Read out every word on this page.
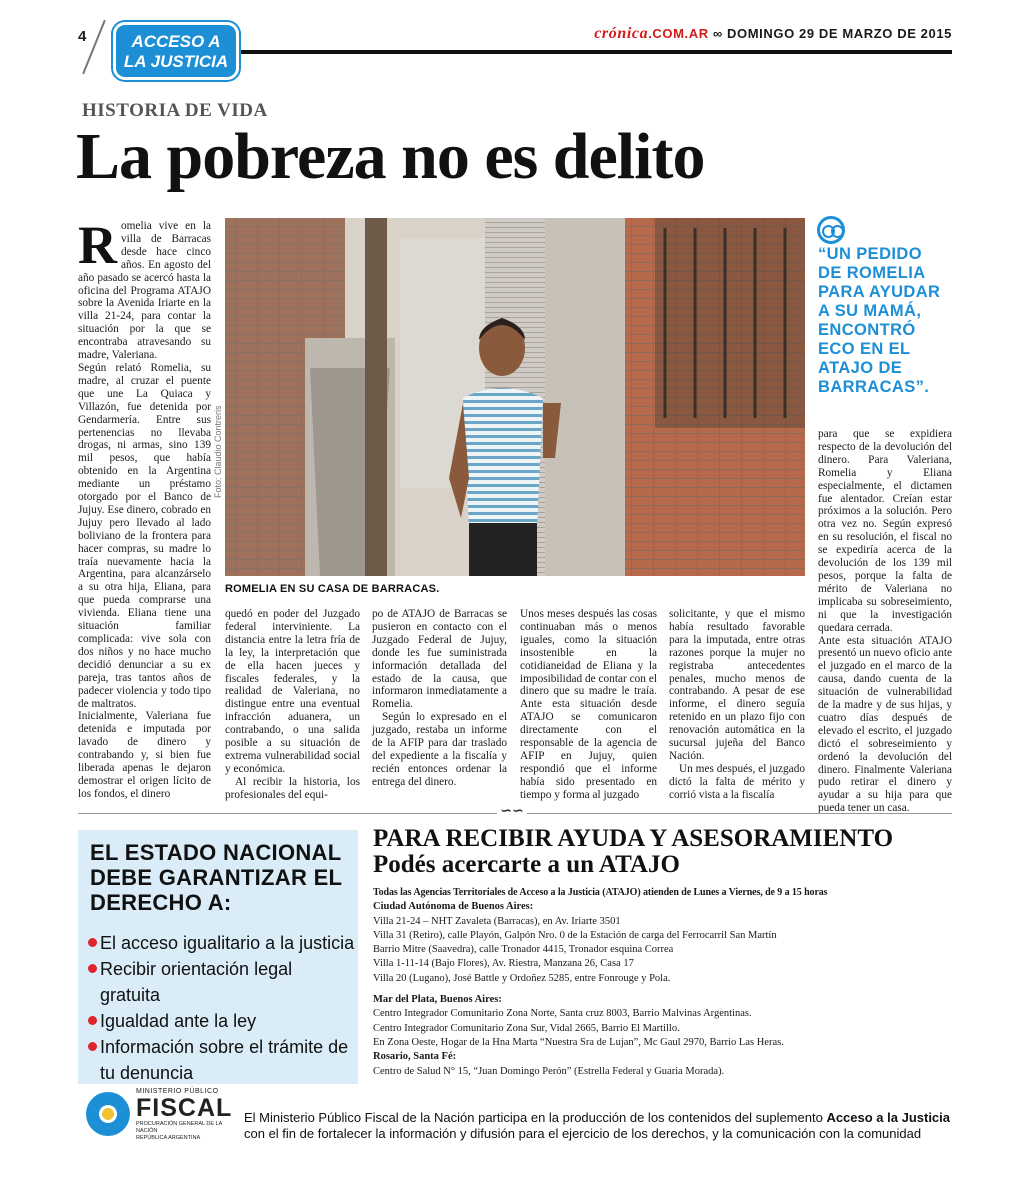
4	ACCESO A
LA JUSTICIA
crónica.COM.AR ∞ DOMINGO 29 DE MARZO DE 2015
HISTORIA DE VIDA
La pobreza no es delito
R omelia vive en la villa de Barracas desde hace cinco años. En agosto del año pasado se acercó hasta la oficina del Programa ATAJO sobre la Avenida Iriarte en la villa 21-24, para contar la situación por la que se encontraba atravesando su madre, Valeriana.

Según relató Romelia, su madre, al cruzar el puente que une La Quiaca y Villazón, fue detenida por Gendarmería. Entre sus pertenencias no llevaba drogas, ni armas, sino 139 mil pesos, que había obtenido en la Argentina mediante un préstamo otorgado por el Banco de Jujuy. Ese dinero, cobrado en Jujuy pero llevado al lado boliviano de la frontera para hacer compras, su madre lo traía nuevamente hacia la Argentina, para alcanzárselo a su otra hija, Eliana, para que pueda comprarse una vivienda. Eliana tiene una situación familiar complicada: vive sola con dos niños y no hace mucho decidió denunciar a su ex pareja, tras tantos años de padecer violencia y todo tipo de maltratos.

Inicialmente, Valeriana fue detenida e imputada por lavado de dinero y contrabando y, si bien fue liberada apenas le dejaron demostrar el origen lícito de los fondos, el dinero

Foto: Claudio Contreris
ROMELIA EN SU CASA DE BARRACAS.

quedó en poder del Juzgado federal interviniente. La distancia entre la letra fría de la ley, la interpretación que de ella hacen jueces y fiscales federales, y la realidad de Valeriana, no distingue entre una eventual infracción aduanera, un contrabando, o una salida posible a su situación de extrema vulnerabilidad social y económica.

Al recibir la historia, los profesionales del equi-

po de ATAJO de Barracas se pusieron en contacto con el Juzgado Federal de Jujuy, donde les fue suministrada información detallada del estado de la causa, que informaron inmediatamente a Romelia.

Según lo expresado en el juzgado, restaba un informe de la AFIP para dar traslado del expediente a la fiscalía y recién entonces ordenar la entrega del dinero.

Unos meses después las cosas continuaban más o menos iguales, como la situación insostenible en la cotidianeidad de Eliana y la imposibilidad de contar con el dinero que su madre le traía. Ante esta situación desde ATAJO se comunicaron directamente con el responsable de la agencia de AFIP en Jujuy, quien respondió que el informe había sido presentado en tiempo y forma al juzgado

solicitante, y que el mismo había resultado favorable para la imputada, entre otras razones porque la mujer no registraba antecedentes penales, mucho menos de contrabando. A pesar de ese informe, el dinero seguía retenido en un plazo fijo con renovación automática en la sucursal jujeña del Banco Nación.

Un mes después, el juzgado dictó la falta de mérito y corrió vista a la fiscalía

“UN PEDIDO DE ROMELIA PARA AYUDAR A SU MAMÁ, ENCONTRÓ ECO EN EL ATAJO DE BARRACAS”.

para que se expidiera respecto de la devolución del dinero. Para Valeriana, Romelia y Eliana especialmente, el dictamen fue alentador. Creían estar próximos a la solución. Pero otra vez no. Según expresó en su resolución, el fiscal no se expediría acerca de la devolución de los 139 mil pesos, porque la falta de mérito de Valeriana no implicaba su sobreseimiento, ni que la investigación quedara cerrada.

Ante esta situación ATAJO presentó un nuevo oficio ante el juzgado en el marco de la causa, dando cuenta de la situación de vulnerabilidad de la madre y de sus hijas, y cuatro días después de elevado el escrito, el juzgado dictó el sobreseimiento y ordenó la devolución del dinero. Finalmente Valeriana pudo retirar el dinero y ayudar a su hija para que pueda tener un casa.

∽∽
EL ESTADO NACIONAL DEBE GARANTIZAR EL DERECHO A:
El acceso igualitario a la justicia
Recibir orientación legal gratuita
Igualdad ante la ley
Información sobre el trámite de tu denuncia
PARA RECIBIR AYUDA Y ASESORAMIENTO
Podés acercarte a un ATAJO
Todas las Agencias Territoriales de Acceso a la Justicia (ATAJO) atienden de Lunes a Viernes, de 9 a 15 horas
Ciudad Autónoma de Buenos Aires:
Villa 21-24 – NHT Zavaleta (Barracas), en Av. Iriarte 3501
Villa 31 (Retiro), calle Playón, Galpón Nro. 0 de la Estación de carga del Ferrocarril San Martín
Barrio Mitre (Saavedra), calle Tronador 4415, Tronador esquina Correa
Villa 1-11-14 (Bajo Flores), Av. Riestra, Manzana 26, Casa 17
Villa 20 (Lugano), José Battle y Ordoñez 5285, entre Fonrouge y Pola.
Mar del Plata, Buenos Aires:
Centro Integrador Comunitario Zona Norte, Santa cruz 8003, Barrio Malvinas Argentinas.
Centro Integrador Comunitario Zona Sur, Vidal 2665, Barrio El Martillo.
En Zona Oeste, Hogar de la Hna Marta “Nuestra Sra de Lujan”, Mc Gaul 2970, Barrio Las Heras.
Rosario, Santa Fé:
Centro de Salud N° 15, “Juan Domingo Perón” (Estrella Federal y Guaria Morada).
MINISTERIO PÚBLICO
FISCAL
PROCURACIÓN GENERAL DE LA NACIÓN
REPÚBLICA ARGENTINA
El Ministerio Público Fiscal de la Nación participa en la producción de los contenidos del suplemento Acceso a la Justicia con el fin de fortalecer la información y difusión para el ejercicio de los derechos, y la comunicación con la comunidad
